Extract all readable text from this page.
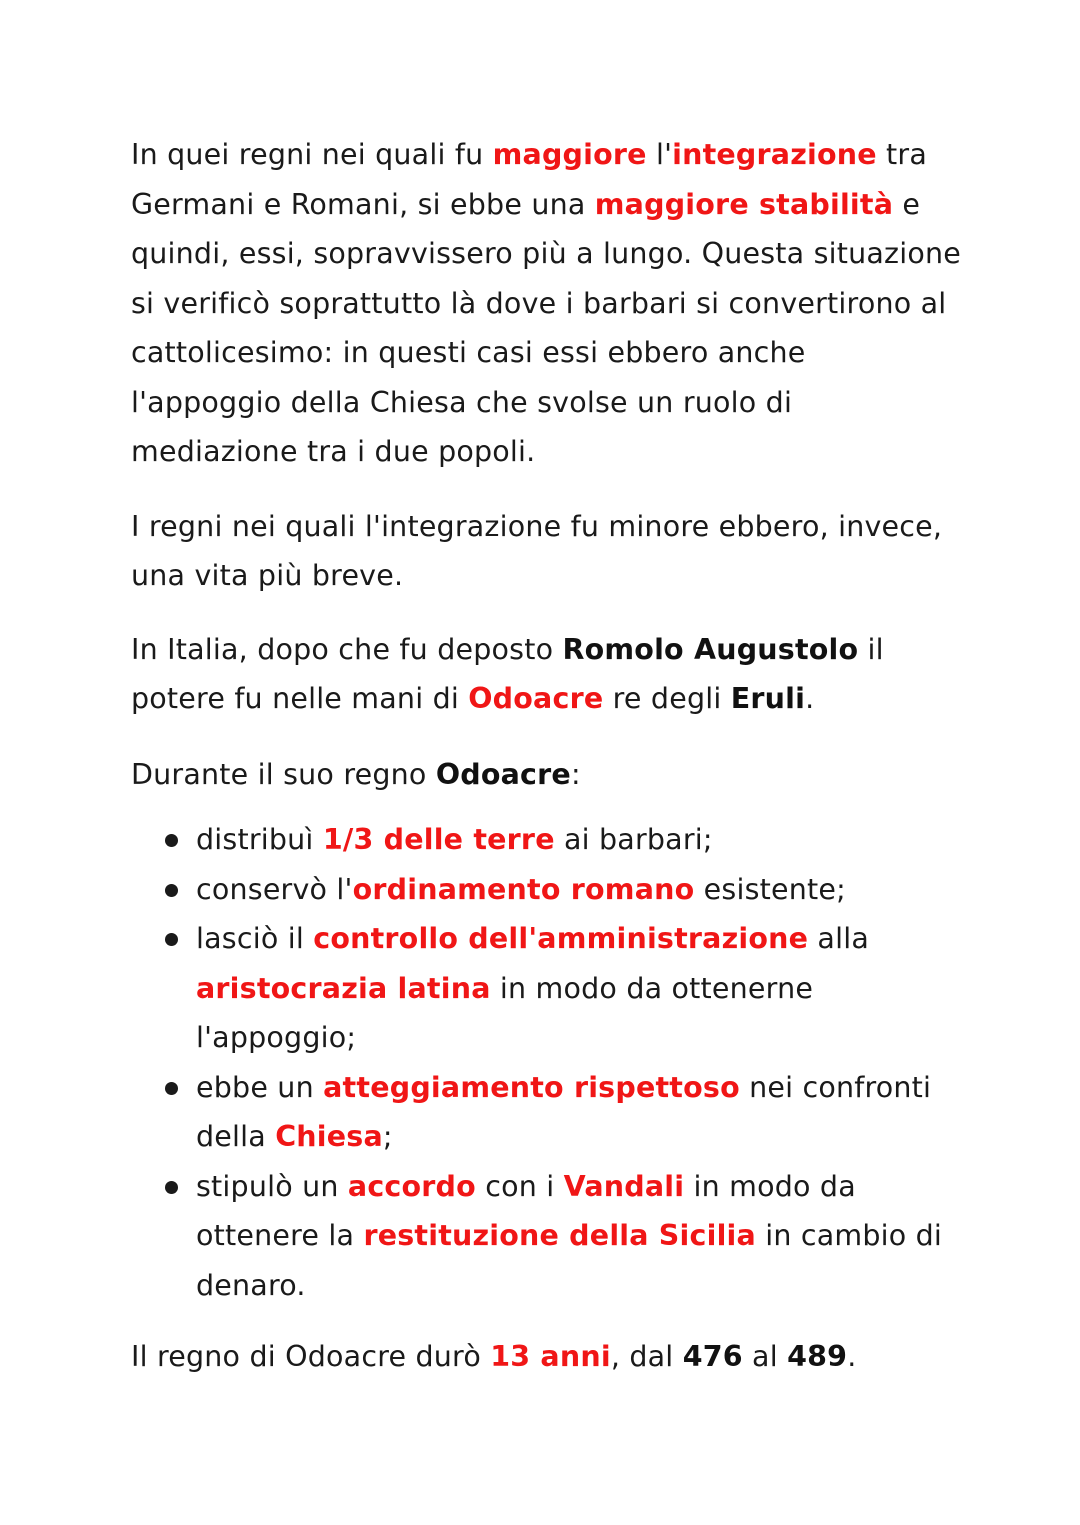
In quei regni nei quali fu maggiore l'integrazione tra Germani e Romani, si ebbe una maggiore stabilità e quindi, essi, sopravvissero più a lungo. Questa situazione si verificò soprattutto là dove i barbari si convertirono al cattolicesimo: in questi casi essi ebbero anche l'appoggio della Chiesa che svolse un ruolo di mediazione tra i due popoli.

I regni nei quali l'integrazione fu minore ebbero, invece, una vita più breve.

In Italia, dopo che fu deposto Romolo Augustolo il potere fu nelle mani di Odoacre re degli Eruli.

Durante il suo regno Odoacre:

distribuì 1/3 delle terre ai barbari;
conservò l'ordinamento romano esistente;
lasciò il controllo dell'amministrazione alla aristocrazia latina in modo da ottenerne l'appoggio;
ebbe un atteggiamento rispettoso nei confronti della Chiesa;
stipulò un accordo con i Vandali in modo da ottenere la restituzione della Sicilia in cambio di denaro.

Il regno di Odoacre durò 13 anni, dal 476 al 489.
